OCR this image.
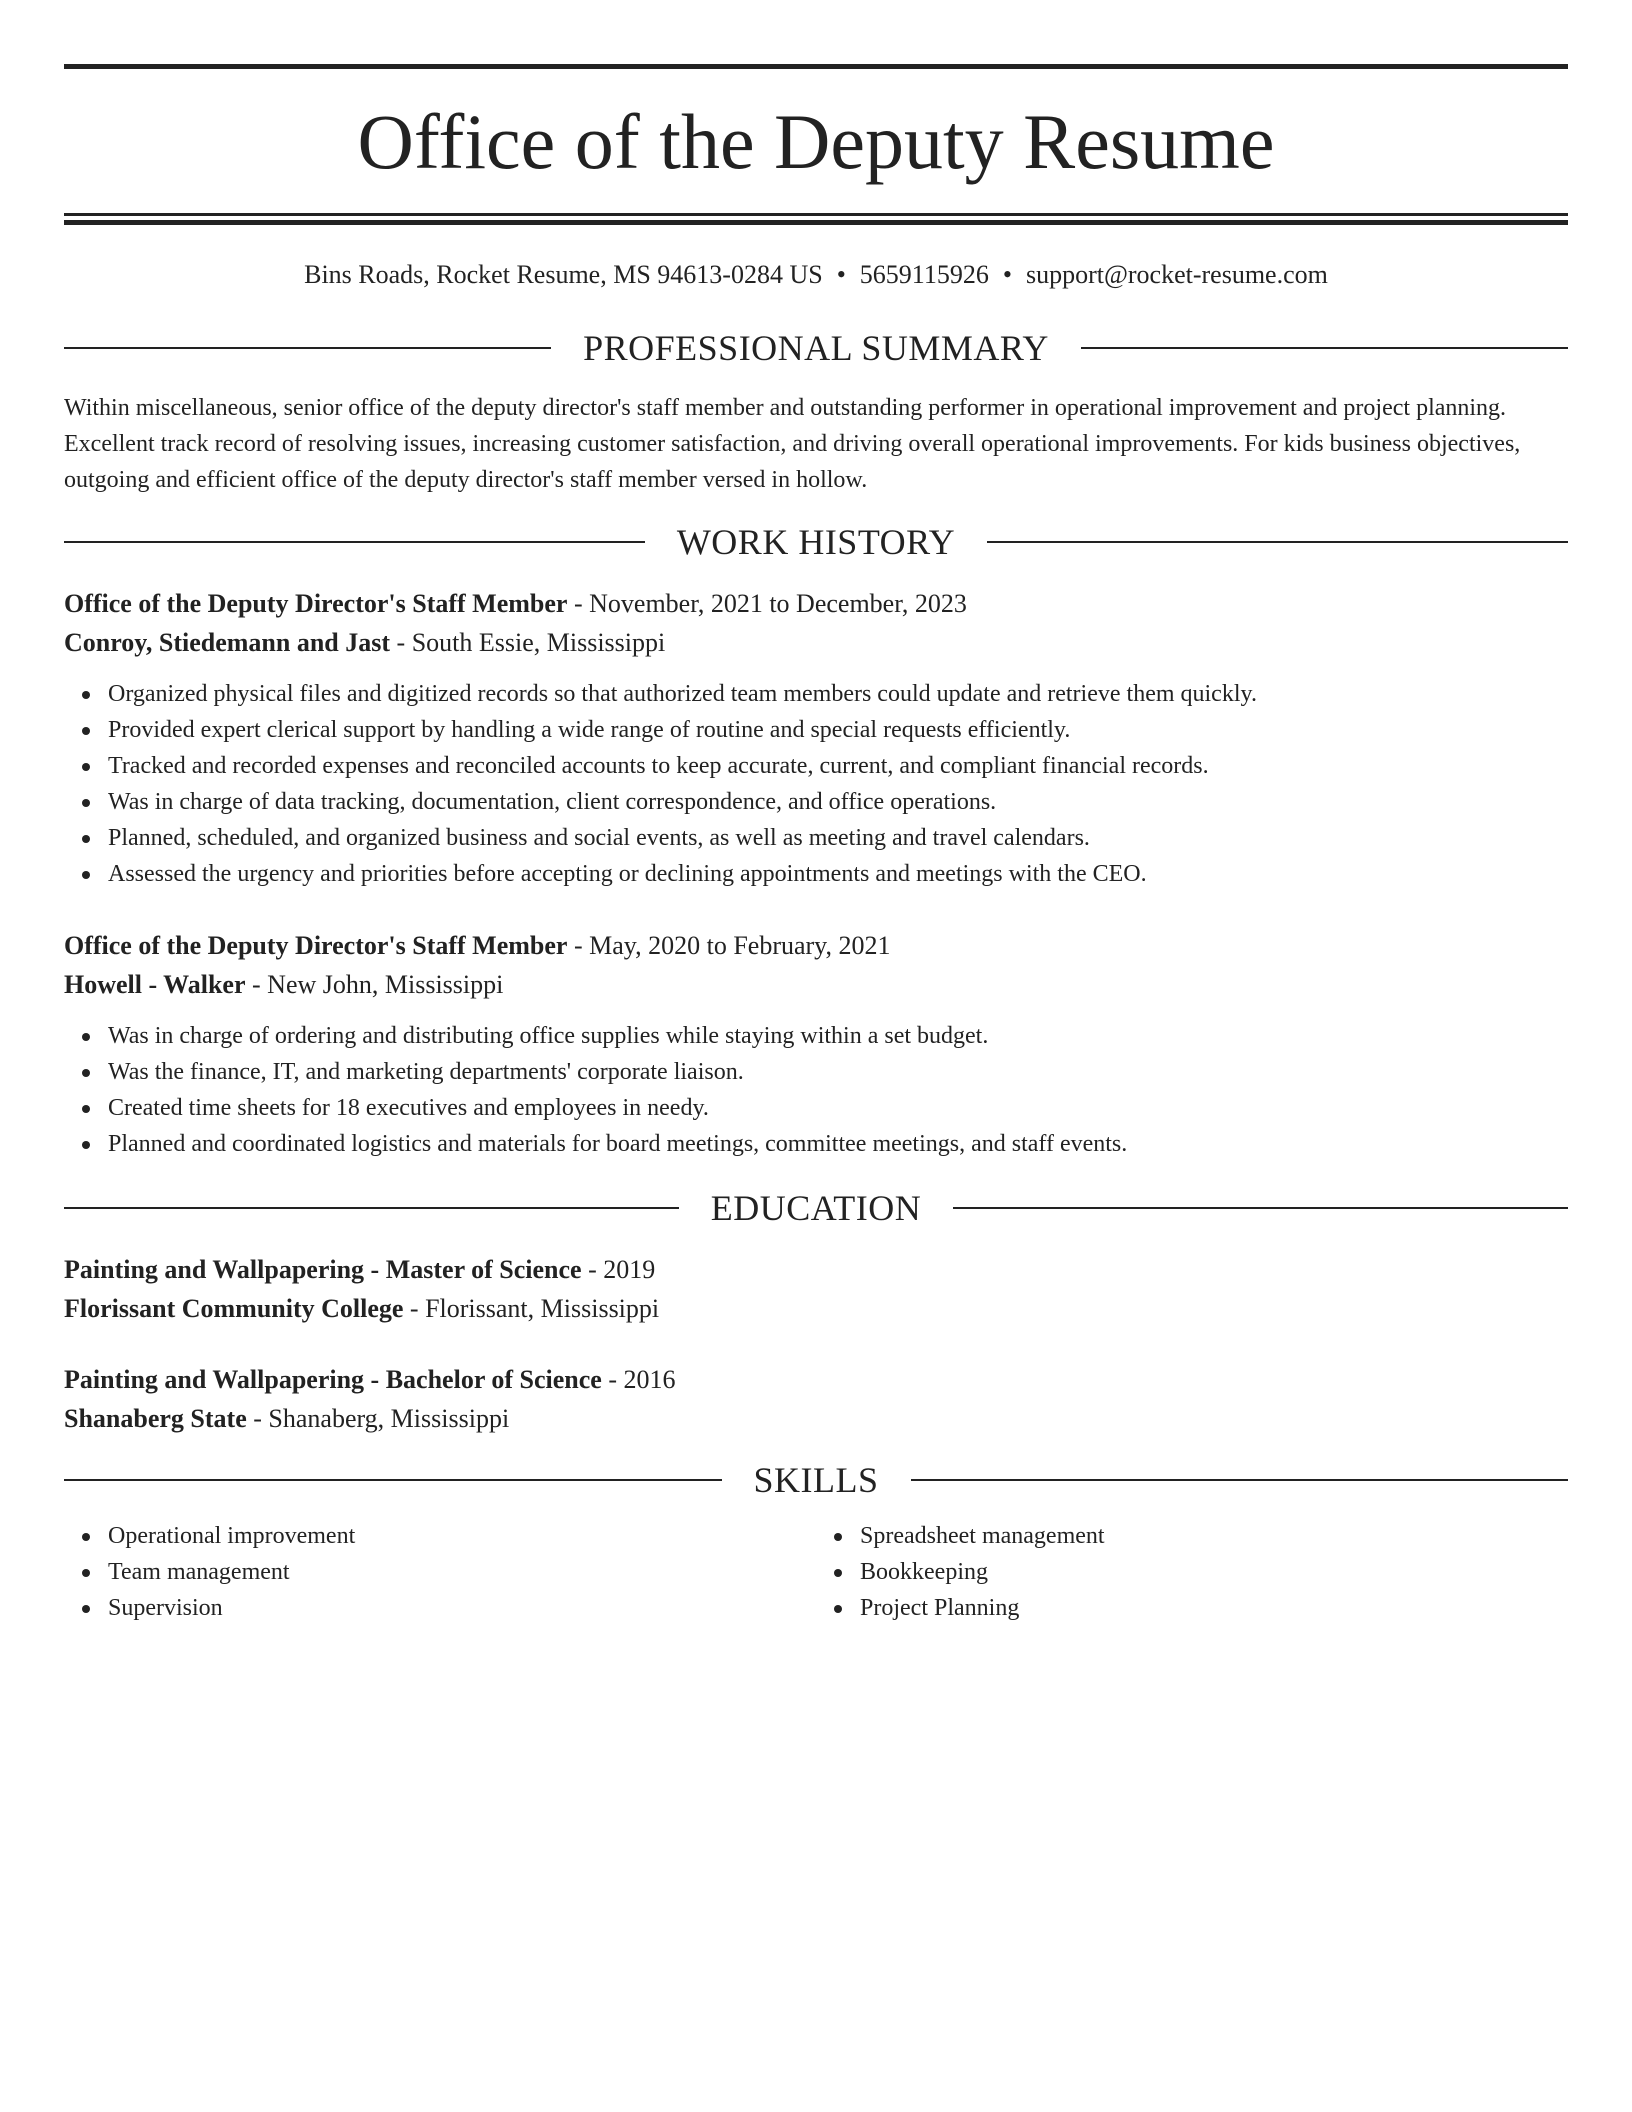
Office of the Deputy Resume
Bins Roads, Rocket Resume, MS 94613-0284 US • 5659115926 • support@rocket-resume.com
PROFESSIONAL SUMMARY

Within miscellaneous, senior office of the deputy director's staff member and outstanding performer in operational improvement and project planning. Excellent track record of resolving issues, increasing customer satisfaction, and driving overall operational improvements. For kids business objectives, outgoing and efficient office of the deputy director's staff member versed in hollow.

WORK HISTORY
Office of the Deputy Director's Staff Member - November, 2021 to December, 2023
Conroy, Stiedemann and Jast - South Essie, Mississippi
Organized physical files and digitized records so that authorized team members could update and retrieve them quickly.
Provided expert clerical support by handling a wide range of routine and special requests efficiently.
Tracked and recorded expenses and reconciled accounts to keep accurate, current, and compliant financial records.
Was in charge of data tracking, documentation, client correspondence, and office operations.
Planned, scheduled, and organized business and social events, as well as meeting and travel calendars.
Assessed the urgency and priorities before accepting or declining appointments and meetings with the CEO.
Office of the Deputy Director's Staff Member - May, 2020 to February, 2021
Howell - Walker - New John, Mississippi
Was in charge of ordering and distributing office supplies while staying within a set budget.
Was the finance, IT, and marketing departments' corporate liaison.
Created time sheets for 18 executives and employees in needy.
Planned and coordinated logistics and materials for board meetings, committee meetings, and staff events.
EDUCATION
Painting and Wallpapering - Master of Science - 2019
Florissant Community College - Florissant, Mississippi
Painting and Wallpapering - Bachelor of Science - 2016
Shanaberg State - Shanaberg, Mississippi
SKILLS
Operational improvement
Team management
Supervision
Spreadsheet management
Bookkeeping
Project Planning
